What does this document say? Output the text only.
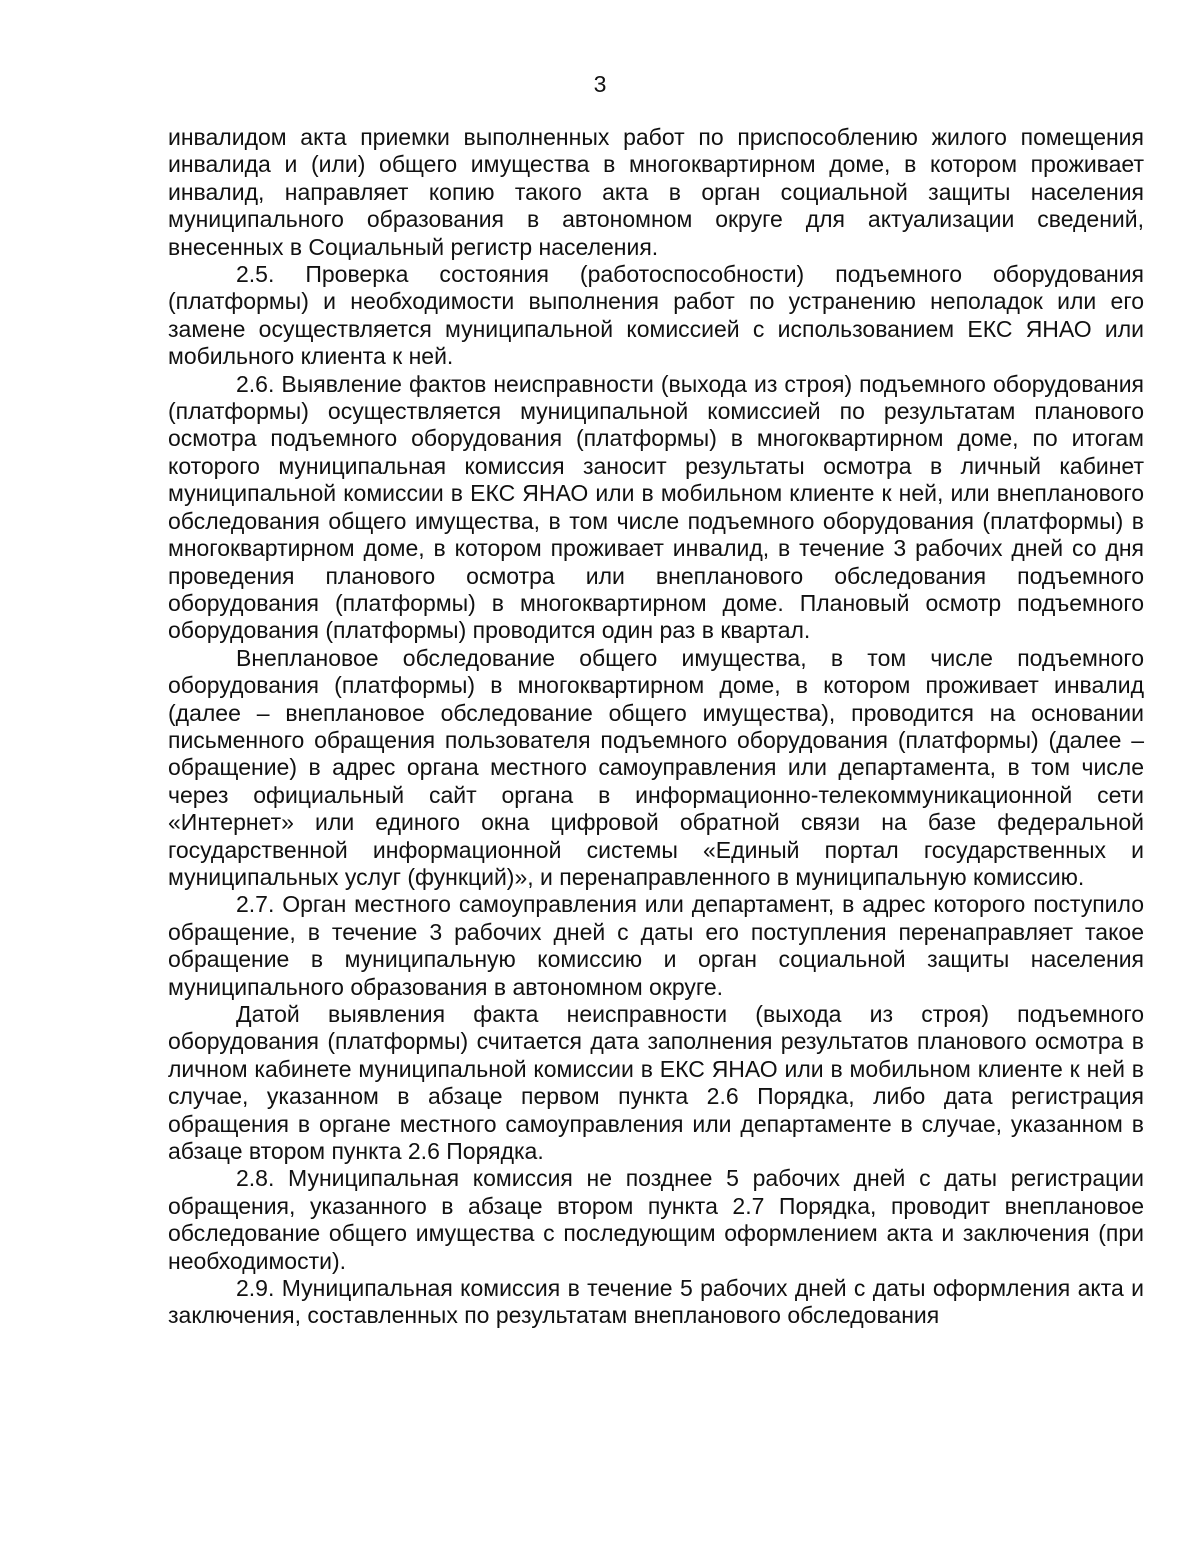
3

инвалидом акта приемки выполненных работ по приспособлению жилого помещения инвалида и (или) общего имущества в многоквартирном доме, в котором проживает инвалид, направляет копию такого акта в орган социальной защиты населения муниципального образования в автономном округе для актуализации сведений, внесенных в Социальный регистр населения.

2.5. Проверка состояния (работоспособности) подъемного оборудования (платформы) и необходимости выполнения работ по устранению неполадок или его замене осуществляется муниципальной комиссией с использованием ЕКС ЯНАО или мобильного клиента к ней.

2.6. Выявление фактов неисправности (выхода из строя) подъемного оборудования (платформы) осуществляется муниципальной комиссией по результатам планового осмотра подъемного оборудования (платформы) в многоквартирном доме, по итогам которого муниципальная комиссия заносит результаты осмотра в личный кабинет муниципальной комиссии в ЕКС ЯНАО или в мобильном клиенте к ней, или внепланового обследования общего имущества, в том числе подъемного оборудования (платформы) в многоквартирном доме, в котором проживает инвалид, в течение 3 рабочих дней со дня проведения планового осмотра или внепланового обследования подъемного оборудования (платформы) в многоквартирном доме. Плановый осмотр подъемного оборудования (платформы) проводится один раз в квартал.

Внеплановое обследование общего имущества, в том числе подъемного оборудования (платформы) в многоквартирном доме, в котором проживает инвалид (далее – внеплановое обследование общего имущества), проводится на основании письменного обращения пользователя подъемного оборудования (платформы) (далее – обращение) в адрес органа местного самоуправления или департамента, в том числе через официальный сайт органа в информационно-телекоммуникационной сети «Интернет» или единого окна цифровой обратной связи на базе федеральной государственной информационной системы «Единый портал государственных и муниципальных услуг (функций)», и перенаправленного в муниципальную комиссию.

2.7. Орган местного самоуправления или департамент, в адрес которого поступило обращение, в течение 3 рабочих дней с даты его поступления перенаправляет такое обращение в муниципальную комиссию и орган социальной защиты населения муниципального образования в автономном округе.

Датой выявления факта неисправности (выхода из строя) подъемного оборудования (платформы) считается дата заполнения результатов планового осмотра в личном кабинете муниципальной комиссии в ЕКС ЯНАО или в мобильном клиенте к ней в случае, указанном в абзаце первом пункта 2.6 Порядка, либо дата регистрация обращения в органе местного самоуправления или департаменте в случае, указанном в абзаце втором пункта 2.6 Порядка.

2.8. Муниципальная комиссия не позднее 5 рабочих дней с даты регистрации обращения, указанного в абзаце втором пункта 2.7 Порядка, проводит внеплановое обследование общего имущества с последующим оформлением акта и заключения (при необходимости).

2.9. Муниципальная комиссия в течение 5 рабочих дней с даты оформления акта и заключения, составленных по результатам внепланового обследования
